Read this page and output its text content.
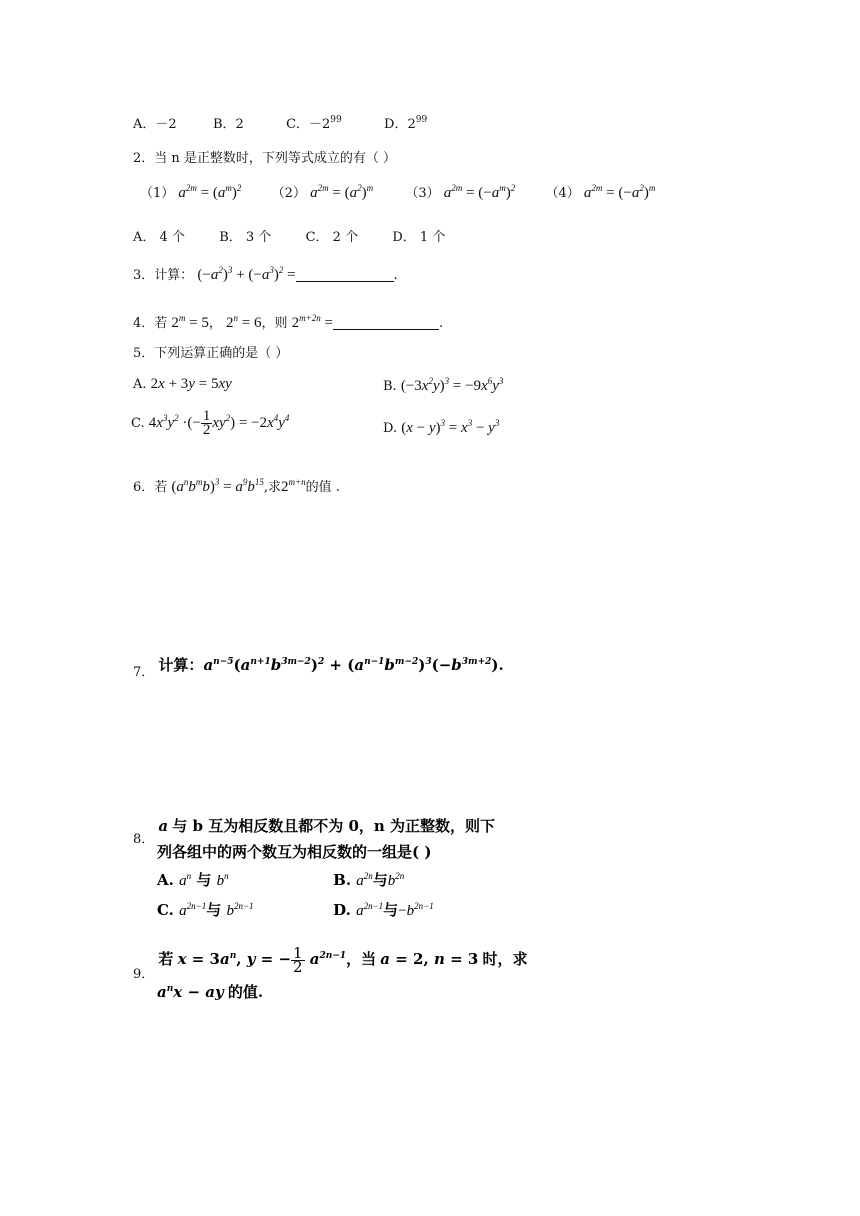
A．－2	B．2	C．$-2^{99}$	D．$2^{99}$
2．当 n 是正整数时，下列等式成立的有（ ）
（1） $a^{2m} = (a^m)^2$ （2） $a^{2m} = (a^2)^m$ （3） $a^{2m} = (-a^m)^2$ （4） $a^{2m} = (-a^2)^m$
A． 4 个	B． 3 个	C． 2 个	D． 1 个
3．计算： $(-a^2)^3 + (-a^3)^2$ =	.
4．若 $2^m = 5$， $2^n = 6$，则 $2^{m+2n}$ =	.
5．下列运算正确的是（ ）
A. 2x + 3y = 5xy	B. $(-3x^2y)^3 = -9x^6y^3$
C. $4x^3y^2$ ·(− $\frac{1}{2} xy^2) = -2x^4y^4$
D. $(x - y)^3 = x^3 - y^3$
6．若 $(a^nb^mb)^3 = a^9b^{15}$,求$2^{m+n}$的值 .
7． 计算：$a^{n-5}(a^{n+1}b^{3m-2})^2 + (a^{n-1}b^{m-2})^3(-b^{3m+2})$.
8． a 与 b 互为相反数且都不为 0，n 为正整数，则下
列各组中的两个数互为相反数的一组是( )
A. $a^n$ 与 $b^n$	B. $a^{2n}$与$b^{2n}$
C. $a^{2n-1}$与 $b^{2n-1}$	D. $a^{2n-1}$与$-b^{2n-1}$
9． 若 $x = 3a^n$, y = − $\frac{1}{2} a^{2n-1}$，当 a = 2, n = 3 时，求
$a^nx$ − ay 的值.
